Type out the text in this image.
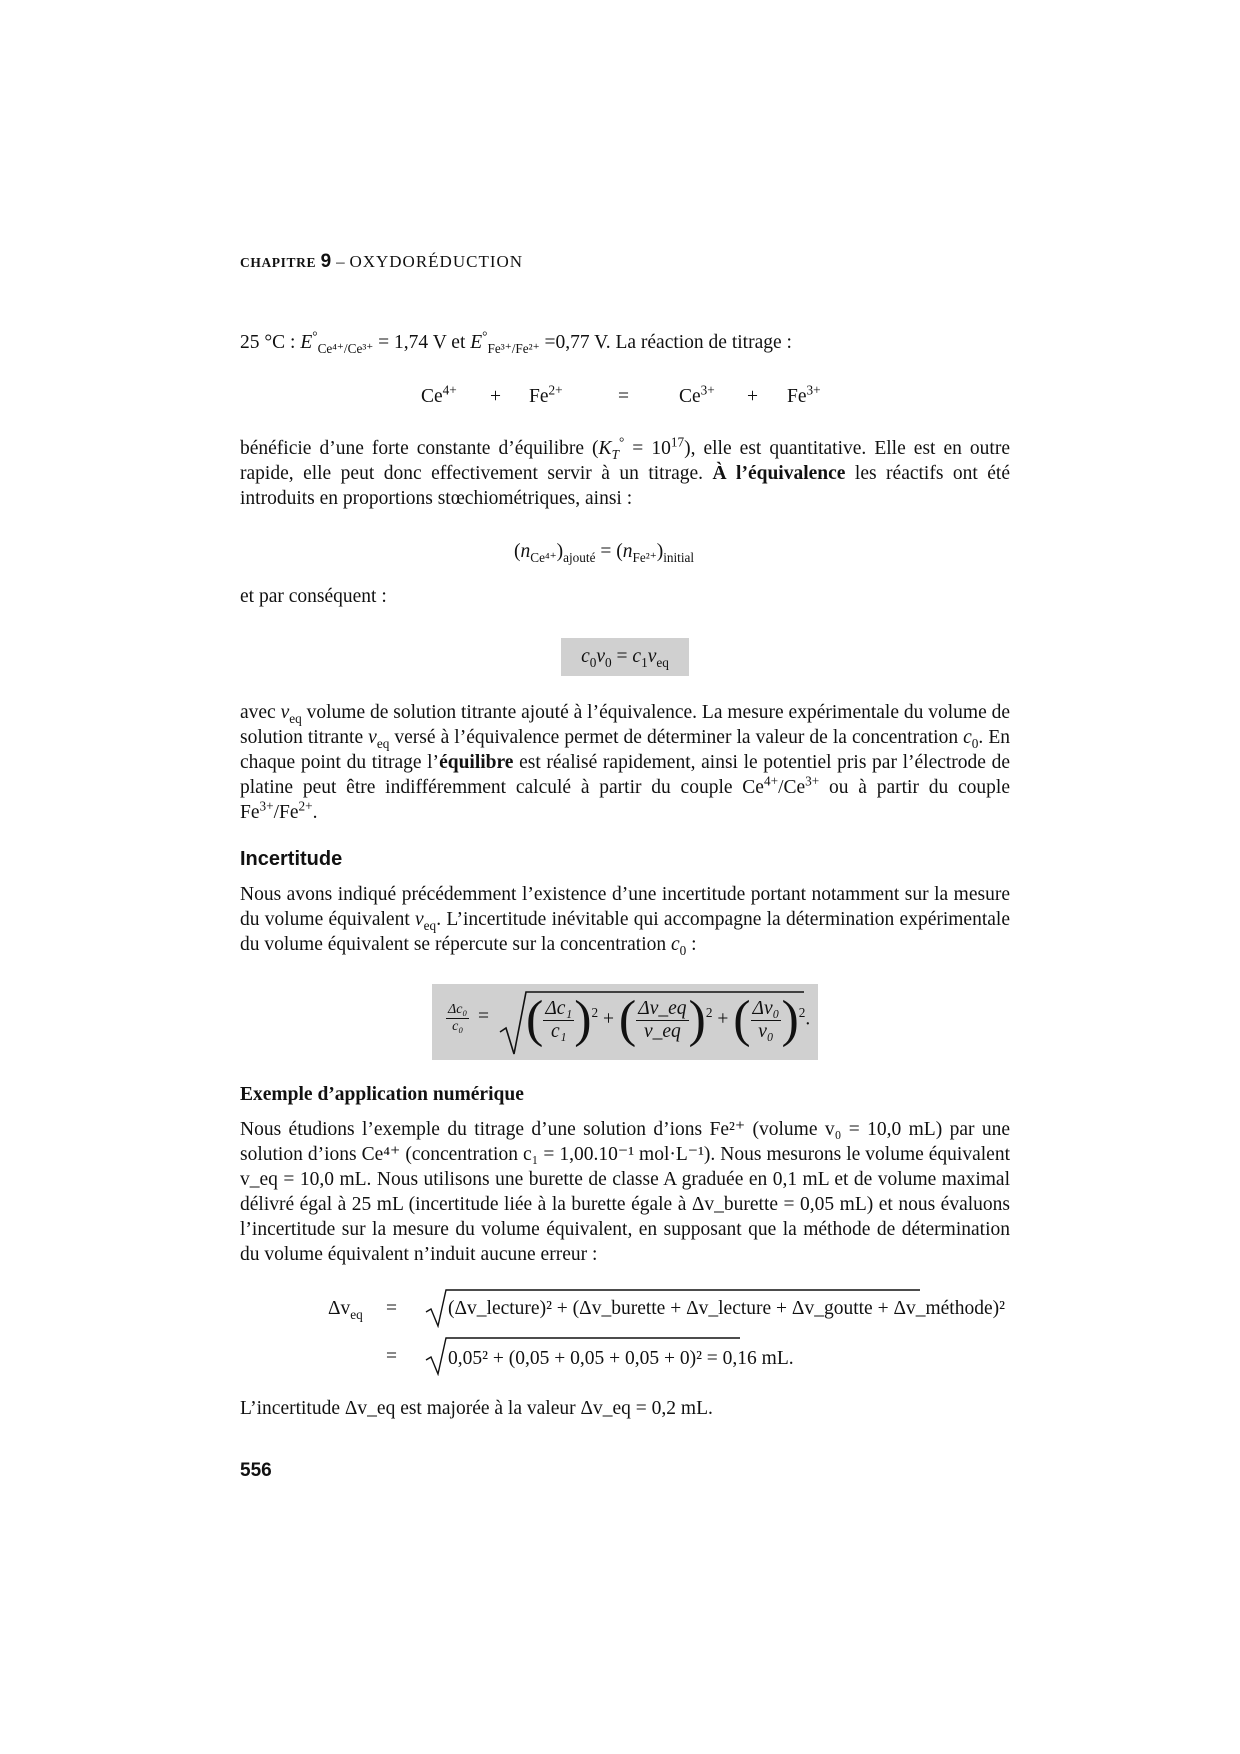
CHAPITRE 9 – OXYDORÉDUCTION
25 °C : $E^\circ_{Ce^{4+}/Ce^{3+}} = 1,74$ V et $E^\circ_{Fe^{3+}/Fe^{2+}} =0,77$ V. La réaction de titrage :
$Ce^{4+} + Fe^{2+}$	=	$Ce^{3+} + Fe^{3+}$
bénéficie d’une forte constante d’équilibre $(K_T^\circ = 10^{17})$, elle est quantitative. Elle est en outre rapide, elle peut donc effectivement servir à un titrage. À l’équivalence les réactifs ont été introduits en proportions stœchiométriques, ainsi :
$(n_{Ce^{4+}})_{ajouté} = (n_{Fe^{2+}})_{initial}$
et par conséquent :
$c_0v_0 = c_1v_{eq}$
avec $v_{eq}$ volume de solution titrante ajouté à l’équivalence. La mesure expérimentale du volume de solution titrante $v_{eq}$ versé à l’équivalence permet de déterminer la valeur de la concentration $c_0$. En chaque point du titrage l’équilibre est réalisé rapidement, ainsi le potentiel pris par l’électrode de platine peut être indifféremment calculé à partir du couple $Ce^{4+}/Ce^{3+}$ ou à partir du couple $Fe^{3+}/Fe^{2+}$.
Incertitude
Nous avons indiqué précédemment l’existence d’une incertitude portant notamment sur la mesure du volume équivalent $v_{eq}$. L’incertitude inévitable qui accompagne la détermination expérimentale du volume équivalent se répercute sur la concentration $c_0$ :
$\frac{\text{Δc₀}}{\text{c₀}}$ = ( $\frac{\text{Δc₁}}{\text{c₁}} )^2$ + ( $\frac{\Delta v\_eq}{v\_eq} )^2$ + ( $\frac{\text{Δv₀}}{\text{v₀}} )^2$.
Exemple d’application numérique
Nous étudions l’exemple du titrage d’une solution d’ions Fe²⁺ (volume v₀ = 10,0 mL) par une solution d’ions Ce⁴⁺ (concentration c₁ = 1,00.10⁻¹ mol·L⁻¹). Nous mesurons le volume équivalent v_eq = 10,0 mL. Nous utilisons une burette de classe A graduée en 0,1 mL et de volume maximal délivré égal à 25 mL (incertitude liée à la burette égale à Δv_burette = 0,05 mL) et nous évaluons l’incertitude sur la mesure du volume équivalent, en supposant que la méthode de détermination du volume équivalent n’induit aucune erreur :
$\Delta v_{eq}$ =	(Δv_lecture)² + (Δv_burette + Δv_lecture + Δv_goutte + Δv_méthode)²
=	0,05² + (0,05 + 0,05 + 0,05 + 0)² = 0,16 mL.
L’incertitude Δv_eq est majorée à la valeur Δv_eq = 0,2 mL.
556
